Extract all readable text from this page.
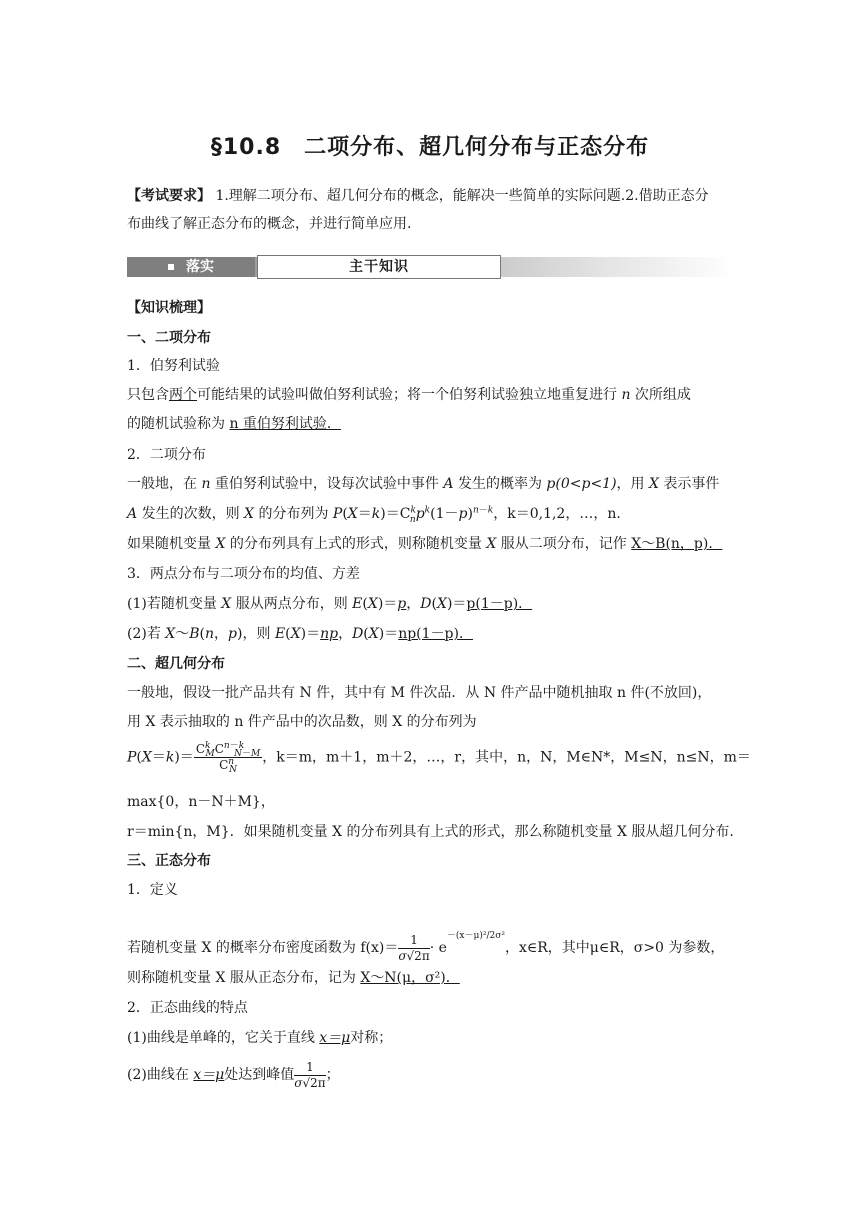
§10.8　二项分布、超几何分布与正态分布
【考试要求】 1.理解二项分布、超几何分布的概念，能解决一些简单的实际问题.2.借助正态分
布曲线了解正态分布的概念，并进行简单应用.
落实	主干知识
【知识梳理】
一、二项分布
1．伯努利试验
只包含两个可能结果的试验叫做伯努利试验；将一个伯努利试验独立地重复进行 n 次所组成
的随机试验称为 n 重伯努利试验．
2．二项分布
一般地，在 n 重伯努利试验中，设每次试验中事件 A 发生的概率为 p(0<p<1)，用 X 表示事件
A 发生的次数，则 X 的分布列为 $P(X=k)=C^k_np^k(1-p)^{n-k}$，k＝0,1,2，…，n.
如果随机变量 X 的分布列具有上式的形式，则称随机变量 X 服从二项分布，记作 X～B(n，p)．
3．两点分布与二项分布的均值、方差
(1)若随机变量 X 服从两点分布，则 E(X)＝p，D(X)＝p(1－p)．
(2)若 X～B(n，p)，则 E(X)＝np，D(X)＝np(1－p)．
二、超几何分布
一般地，假设一批产品共有 N 件，其中有 M 件次品．从 N 件产品中随机抽取 n 件(不放回)，
用 X 表示抽取的 n 件产品中的次品数，则 X 的分布列为
$P(X=k)= \frac{C^k_MC^{n-k}_{N-M}}{C^n_N}$ ，k＝m，m＋1，m＋2，…，r，其中，n，N，M∈N*，M≤N，n≤N，m＝
max{0，n－N＋M}，
r＝min{n，M}．如果随机变量 X 的分布列具有上式的形式，那么称随机变量 X 服从超几何分布.
三、正态分布
1．定义
若随机变量 X 的概率分布密度函数为 $f(x)= \frac{1}{\sigma√2\pi} \cdot e^{-(x-\mu)^2/2\sigma^2}$，x∈R，其中μ∈R，σ>0 为参数，
则称随机变量 X 服从正态分布，记为 X～N(μ，σ²)．
2．正态曲线的特点
(1)曲线是单峰的，它关于直线 x＝μ对称；
(2)曲线在 x＝μ处达到峰值 $\frac{1}{\sigma√2\pi}$ ；
